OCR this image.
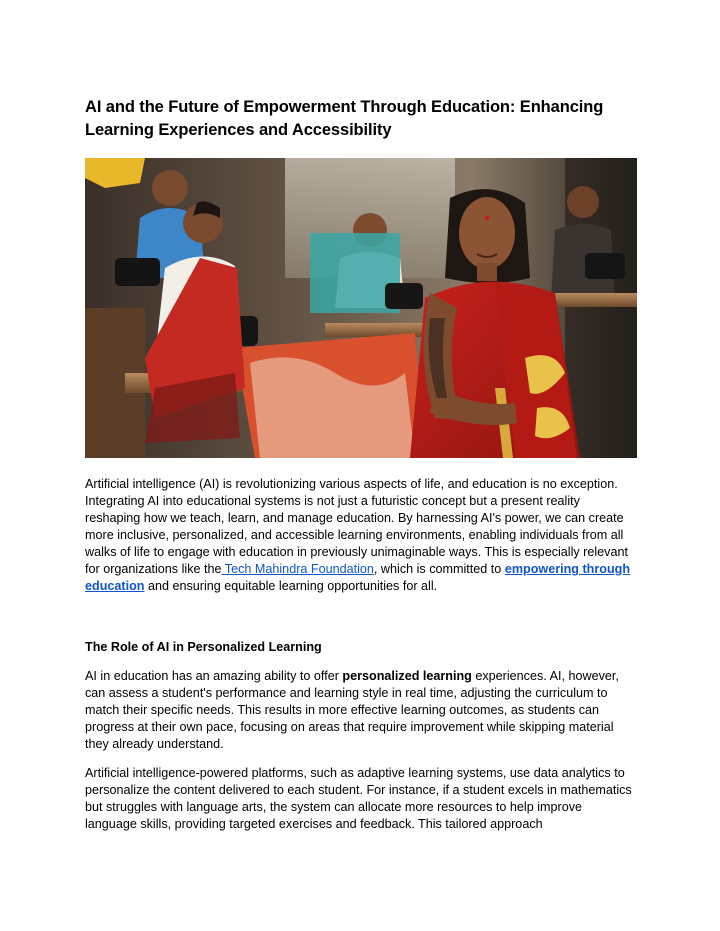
AI and the Future of Empowerment Through Education: Enhancing Learning Experiences and Accessibility

Artificial intelligence (AI) is revolutionizing various aspects of life, and education is no exception. Integrating AI into educational systems is not just a futuristic concept but a present reality reshaping how we teach, learn, and manage education. By harnessing AI's power, we can create more inclusive, personalized, and accessible learning environments, enabling individuals from all walks of life to engage with education in previously unimaginable ways. This is especially relevant for organizations like the Tech Mahindra Foundation, which is committed to empowering through education and ensuring equitable learning opportunities for all.

The Role of AI in Personalized Learning

AI in education has an amazing ability to offer personalized learning experiences. AI, however, can assess a student's performance and learning style in real time, adjusting the curriculum to match their specific needs. This results in more effective learning outcomes, as students can progress at their own pace, focusing on areas that require improvement while skipping material they already understand.

Artificial intelligence-powered platforms, such as adaptive learning systems, use data analytics to personalize the content delivered to each student. For instance, if a student excels in mathematics but struggles with language arts, the system can allocate more resources to help improve language skills, providing targeted exercises and feedback. This tailored approach
